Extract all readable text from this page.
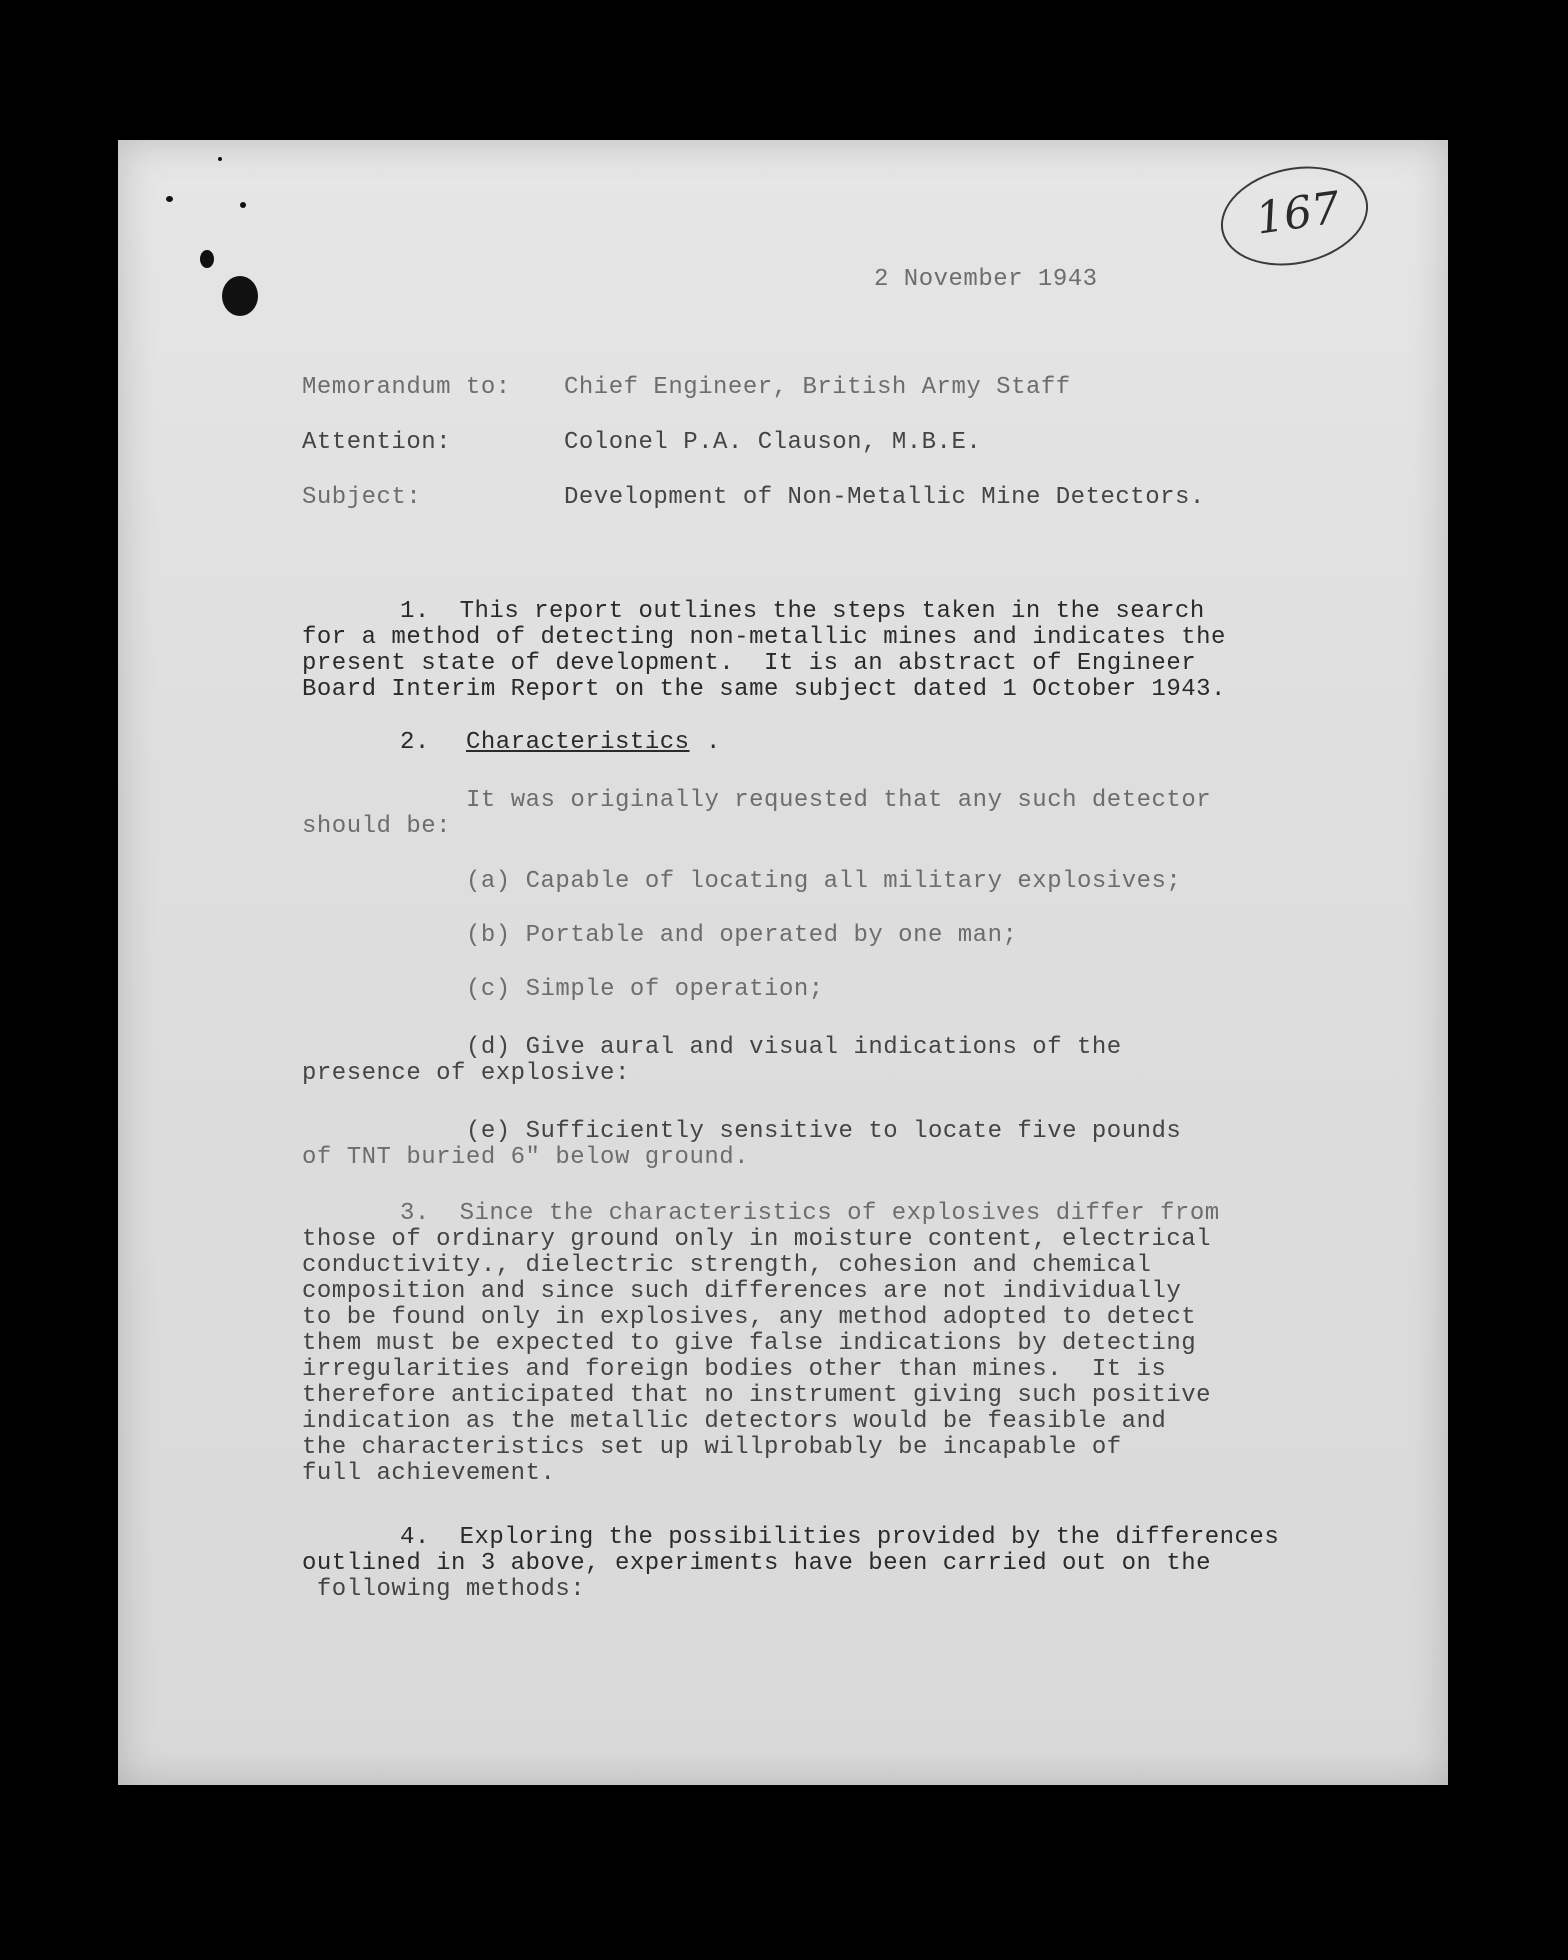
167
2 November 1943
Memorandum to: Chief Engineer, British Army Staff
Attention:	Colonel P.A. Clauson, M.B.E.
Subject:	Development of Non-Metallic Mine Detectors.
1.  This report outlines the steps taken in the search
for a method of detecting non-metallic mines and indicates the
present state of development.  It is an abstract of Engineer
Board Interim Report on the same subject dated 1 October 1943.
2. Characteristics .
It was originally requested that any such detector
should be:
(a) Capable of locating all military explosives;
(b) Portable and operated by one man;
(c) Simple of operation;
(d) Give aural and visual indications of the
presence of explosive:
(e) Sufficiently sensitive to locate five pounds
of TNT buried 6" below ground.
3.  Since the characteristics of explosives differ from
those of ordinary ground only in moisture content, electrical
conductivity., dielectric strength, cohesion and chemical
composition and since such differences are not individually
to be found only in explosives, any method adopted to detect
them must be expected to give false indications by detecting
irregularities and foreign bodies other than mines.  It is
therefore anticipated that no instrument giving such positive
indication as the metallic detectors would be feasible and
the characteristics set up willprobably be incapable of
full achievement.
4.  Exploring the possibilities provided by the differences
outlined in 3 above, experiments have been carried out on the
following methods:
